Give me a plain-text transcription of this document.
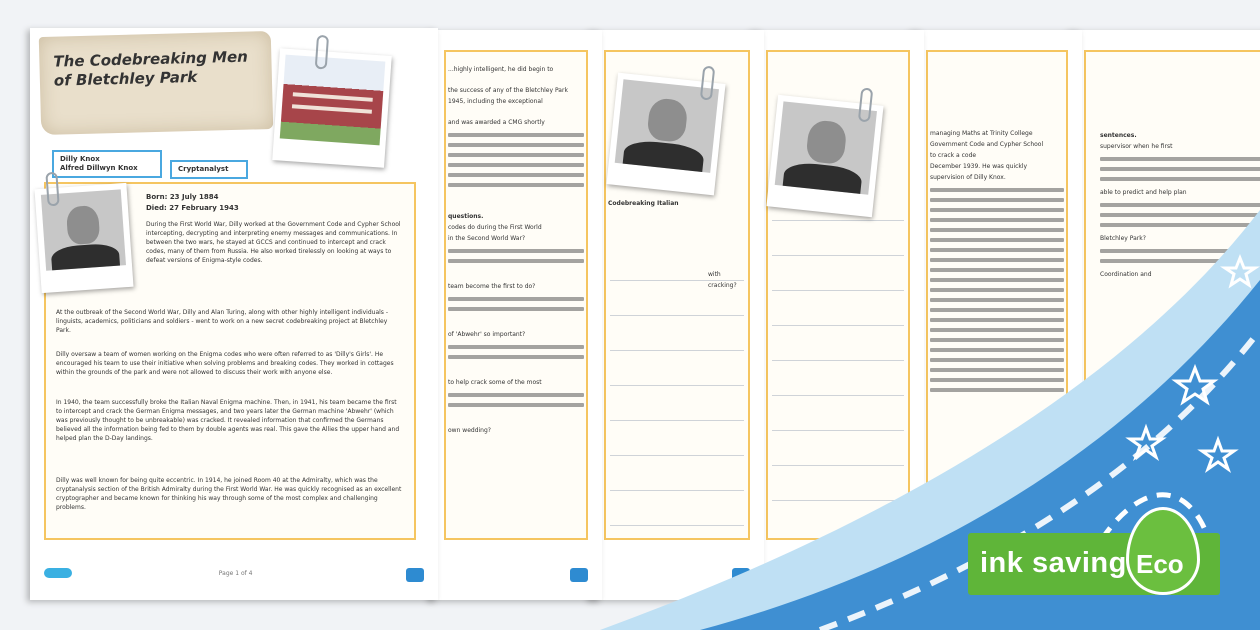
sentences.
supervisor when he first
able to predict and help plan
Bletchley Park?
Coordination and
managing Maths at Trinity College
Government Code and Cypher School
to crack a code
December 1939. He was quickly
supervision of Dilly Knox.
Codebreaking Italian
with cracking?
...highly intelligent, he did begin to
the success of any of the Bletchley Park
1945, including the exceptional
and was awarded a CMG shortly
questions.
codes do during the First World
in the Second World War?
team become the first to do?
of 'Abwehr' so important?
to help crack some of the most
own wedding?
Page 1 of 4
The Codebreaking Men of Bletchley Park
Dilly Knox
Alfred Dillwyn Knox	Cryptanalyst
Born: 23 July 1884
Died: 27 February 1943
During the First World War, Dilly worked at the Government Code and Cypher School intercepting, decrypting and interpreting enemy messages and communications. In between the two wars, he stayed at GCCS and continued to intercept and crack codes, many of them from Russia. He also worked tirelessly on looking at ways to defeat versions of Enigma-style codes.
At the outbreak of the Second World War, Dilly and Alan Turing, along with other highly intelligent individuals - linguists, academics, politicians and soldiers - went to work on a new secret codebreaking project at Bletchley Park.
Dilly oversaw a team of women working on the Enigma codes who were often referred to as 'Dilly's Girls'. He encouraged his team to use their initiative when solving problems and breaking codes. They worked in cottages within the grounds of the park and were not allowed to discuss their work with anyone else.
In 1940, the team successfully broke the Italian Naval Enigma machine. Then, in 1941, his team became the first to intercept and crack the German Enigma messages, and two years later the German machine 'Abwehr' (which was previously thought to be unbreakable) was cracked. It revealed information that confirmed the Germans believed all the information being fed to them by double agents was real. This gave the Allies the upper hand and helped plan the D-Day landings.
Dilly was well known for being quite eccentric. In 1914, he joined Room 40 at the Admiralty, which was the cryptanalysis section of the British Admiralty during the First World War. He was quickly recognised as an excellent cryptographer and became known for thinking his way through some of the most complex and challenging problems.
ink saving Eco
